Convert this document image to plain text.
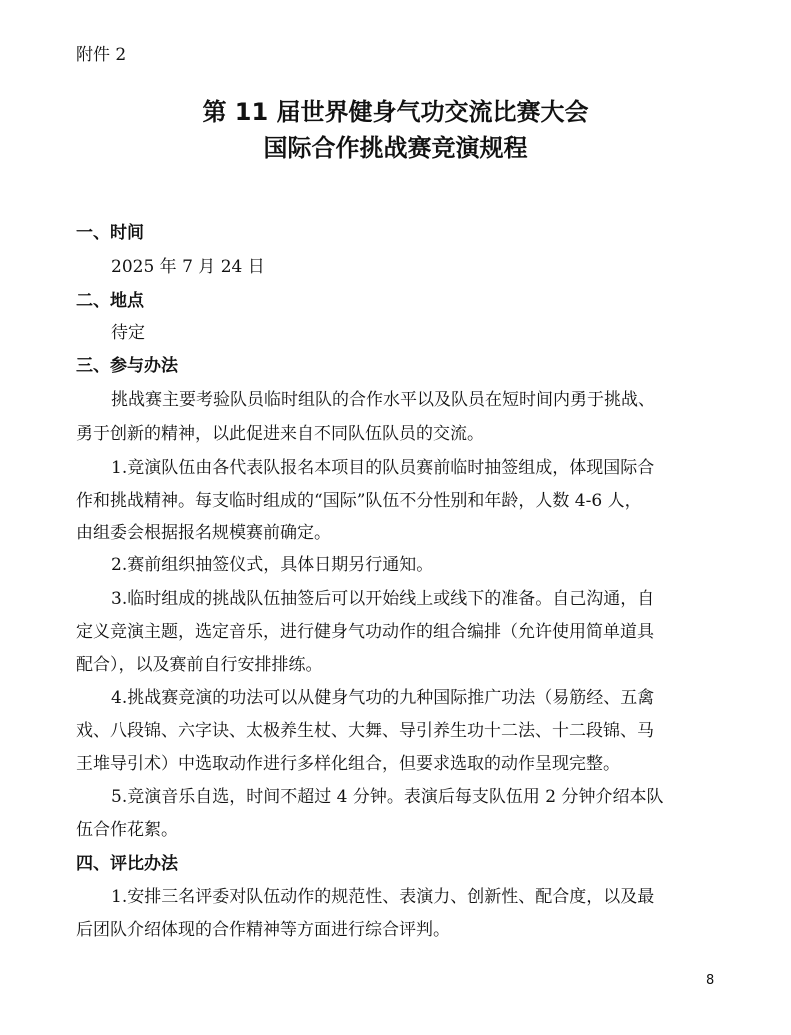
附件 2
第 11 届世界健身气功交流比赛大会
国际合作挑战赛竞演规程
一、时间
2025 年 7 月 24 日
二、地点
待定
三、参与办法
挑战赛主要考验队员临时组队的合作水平以及队员在短时间内勇于挑战、
勇于创新的精神，以此促进来自不同队伍队员的交流。
1.竞演队伍由各代表队报名本项目的队员赛前临时抽签组成，体现国际合
作和挑战精神。每支临时组成的“国际”队伍不分性别和年龄，人数 4-6 人，
由组委会根据报名规模赛前确定。
2.赛前组织抽签仪式，具体日期另行通知。
3.临时组成的挑战队伍抽签后可以开始线上或线下的准备。自己沟通，自
定义竞演主题，选定音乐，进行健身气功动作的组合编排（允许使用简单道具
配合），以及赛前自行安排排练。
4.挑战赛竞演的功法可以从健身气功的九种国际推广功法（易筋经、五禽
戏、八段锦、六字诀、太极养生杖、大舞、导引养生功十二法、十二段锦、马
王堆导引术）中选取动作进行多样化组合，但要求选取的动作呈现完整。
5.竞演音乐自选，时间不超过 4 分钟。表演后每支队伍用 2 分钟介绍本队
伍合作花絮。
四、评比办法
1.安排三名评委对队伍动作的规范性、表演力、创新性、配合度，以及最
后团队介绍体现的合作精神等方面进行综合评判。
8
